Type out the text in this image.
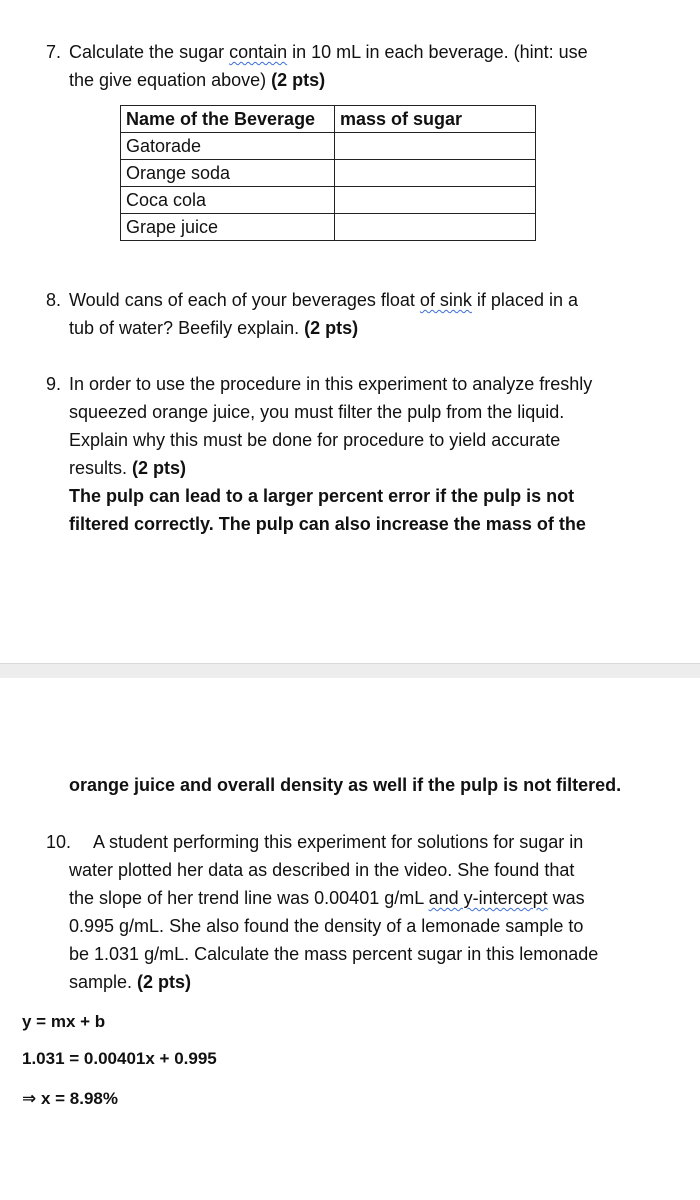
7. Calculate the sugar contain in 10 mL in each beverage. (hint: use
the give equation above) (2 pts)
Name of the Beverage	mass of sugar
Gatorade	
Orange soda	
Coca cola	
Grape juice	
8. Would cans of each of your beverages float of sink if placed in a
tub of water? Beefily explain. (2 pts)
9. In order to use the procedure in this experiment to analyze freshly
squeezed orange juice, you must filter the pulp from the liquid.
Explain why this must be done for procedure to yield accurate
results. (2 pts)
The pulp can lead to a larger percent error if the pulp is not
filtered correctly. The pulp can also increase the mass of the
orange juice and overall density as well if the pulp is not filtered.
10.	A student performing this experiment for solutions for sugar in
water plotted her data as described in the video. She found that
the slope of her trend line was 0.00401 g/mL and y-intercept was
0.995 g/mL. She also found the density of a lemonade sample to
be 1.031 g/mL. Calculate the mass percent sugar in this lemonade
sample. (2 pts)
y = mx + b
1.031 = 0.00401x + 0.995
⇒ x = 8.98%
